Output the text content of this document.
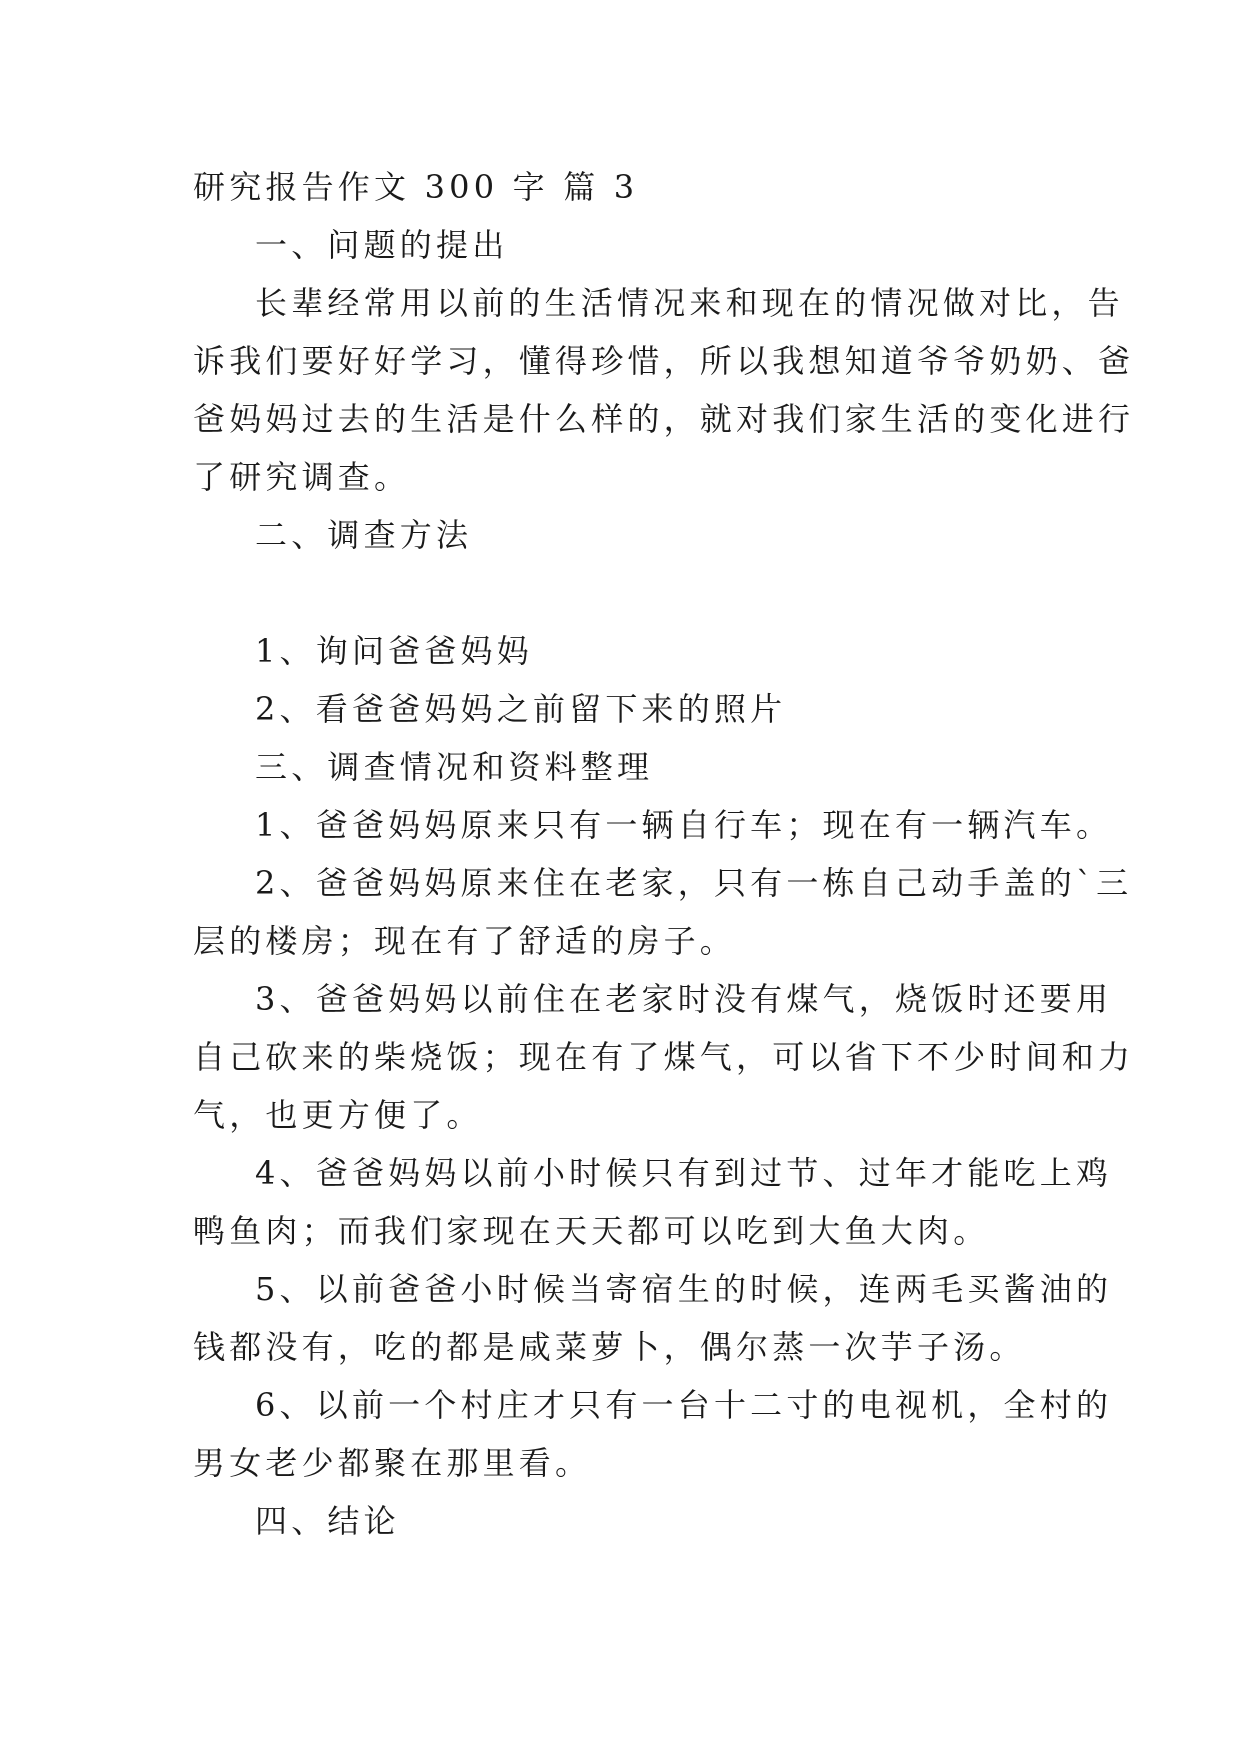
研究报告作文 300 字 篇 3
一、问题的提出
长辈经常用以前的生活情况来和现在的情况做对比，告
诉我们要好好学习，懂得珍惜，所以我想知道爷爷奶奶、爸
爸妈妈过去的生活是什么样的，就对我们家生活的变化进行
了研究调查。
二、调查方法
1、询问爸爸妈妈
2、看爸爸妈妈之前留下来的照片
三、调查情况和资料整理
1、爸爸妈妈原来只有一辆自行车；现在有一辆汽车。
2、爸爸妈妈原来住在老家，只有一栋自己动手盖的`三
层的楼房；现在有了舒适的房子。
3、爸爸妈妈以前住在老家时没有煤气，烧饭时还要用
自己砍来的柴烧饭；现在有了煤气，可以省下不少时间和力
气，也更方便了。
4、爸爸妈妈以前小时候只有到过节、过年才能吃上鸡
鸭鱼肉；而我们家现在天天都可以吃到大鱼大肉。
5、以前爸爸小时候当寄宿生的时候，连两毛买酱油的
钱都没有，吃的都是咸菜萝卜，偶尔蒸一次芋子汤。
6、以前一个村庄才只有一台十二寸的电视机，全村的
男女老少都聚在那里看。
四、结论
